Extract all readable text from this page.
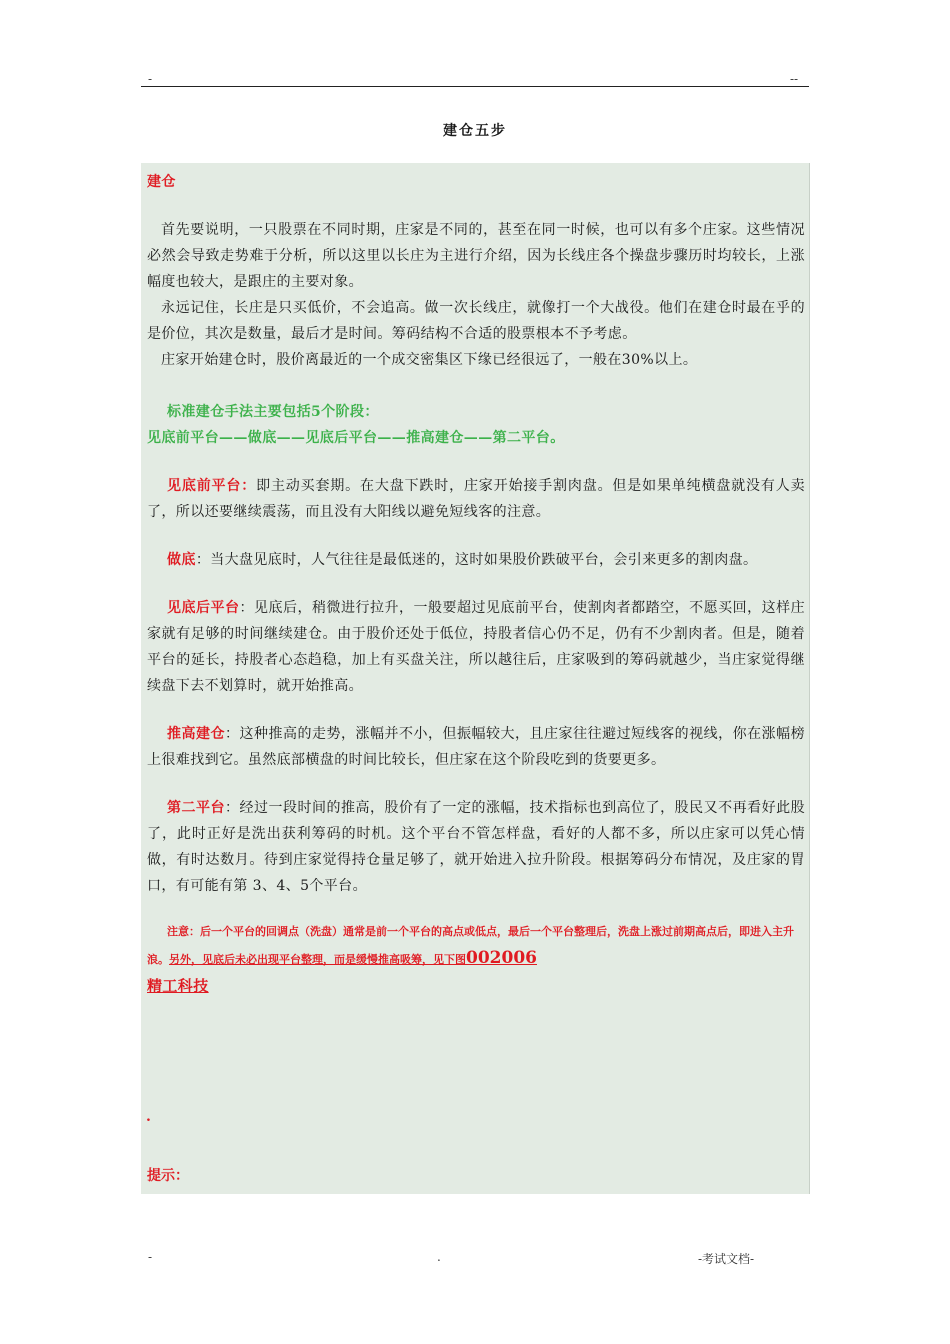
-	--
建仓五步

建仓

首先要说明，一只股票在不同时期，庄家是不同的，甚至在同一时候，也可以有多个庄家。这些情况必然会导致走势难于分析，所以这里以长庄为主进行介绍，因为长线庄各个操盘步骤历时均较长，上涨幅度也较大，是跟庄的主要对象。

永远记住，长庄是只买低价，不会追高。做一次长线庄，就像打一个大战役。他们在建仓时最在乎的是价位，其次是数量，最后才是时间。筹码结构不合适的股票根本不予考虑。

庄家开始建仓时，股价离最近的一个成交密集区下缘已经很远了，一般在30%以上。

标准建仓手法主要包括5个阶段：

见底前平台——做底——见底后平台——推高建仓——第二平台。

见底前平台：即主动买套期。在大盘下跌时，庄家开始接手割肉盘。但是如果单纯横盘就没有人卖了，所以还要继续震荡，而且没有大阳线以避免短线客的注意。

做底：当大盘见底时，人气往往是最低迷的，这时如果股价跌破平台，会引来更多的割肉盘。

见底后平台：见底后，稍微进行拉升，一般要超过见底前平台，使割肉者都踏空，不愿买回，这样庄家就有足够的时间继续建仓。由于股价还处于低位，持股者信心仍不足，仍有不少割肉者。但是，随着平台的延长，持股者心态趋稳，加上有买盘关注，所以越往后，庄家吸到的筹码就越少，当庄家觉得继续盘下去不划算时，就开始推高。

推高建仓：这种推高的走势，涨幅并不小，但振幅较大，且庄家往往避过短线客的视线，你在涨幅榜上很难找到它。虽然底部横盘的时间比较长，但庄家在这个阶段吃到的货要更多。

第二平台：经过一段时间的推高，股价有了一定的涨幅，技术指标也到高位了，股民又不再看好此股了，此时正好是洗出获利筹码的时机。这个平台不管怎样盘，看好的人都不多，所以庄家可以凭心情做，有时达数月。待到庄家觉得持仓量足够了，就开始进入拉升阶段。根据筹码分布情况，及庄家的胃口，有可能有第 3、4、5个平台。

注意：后一个平台的回调点（洗盘）通常是前一个平台的高点或低点，最后一个平台整理后，洗盘上涨过前期高点后，即进入主升浪。另外，见底后未必出现平台整理，而是缓慢推高吸筹，见下图002006

精工科技

.
提示：
-	.	-考试文档-
